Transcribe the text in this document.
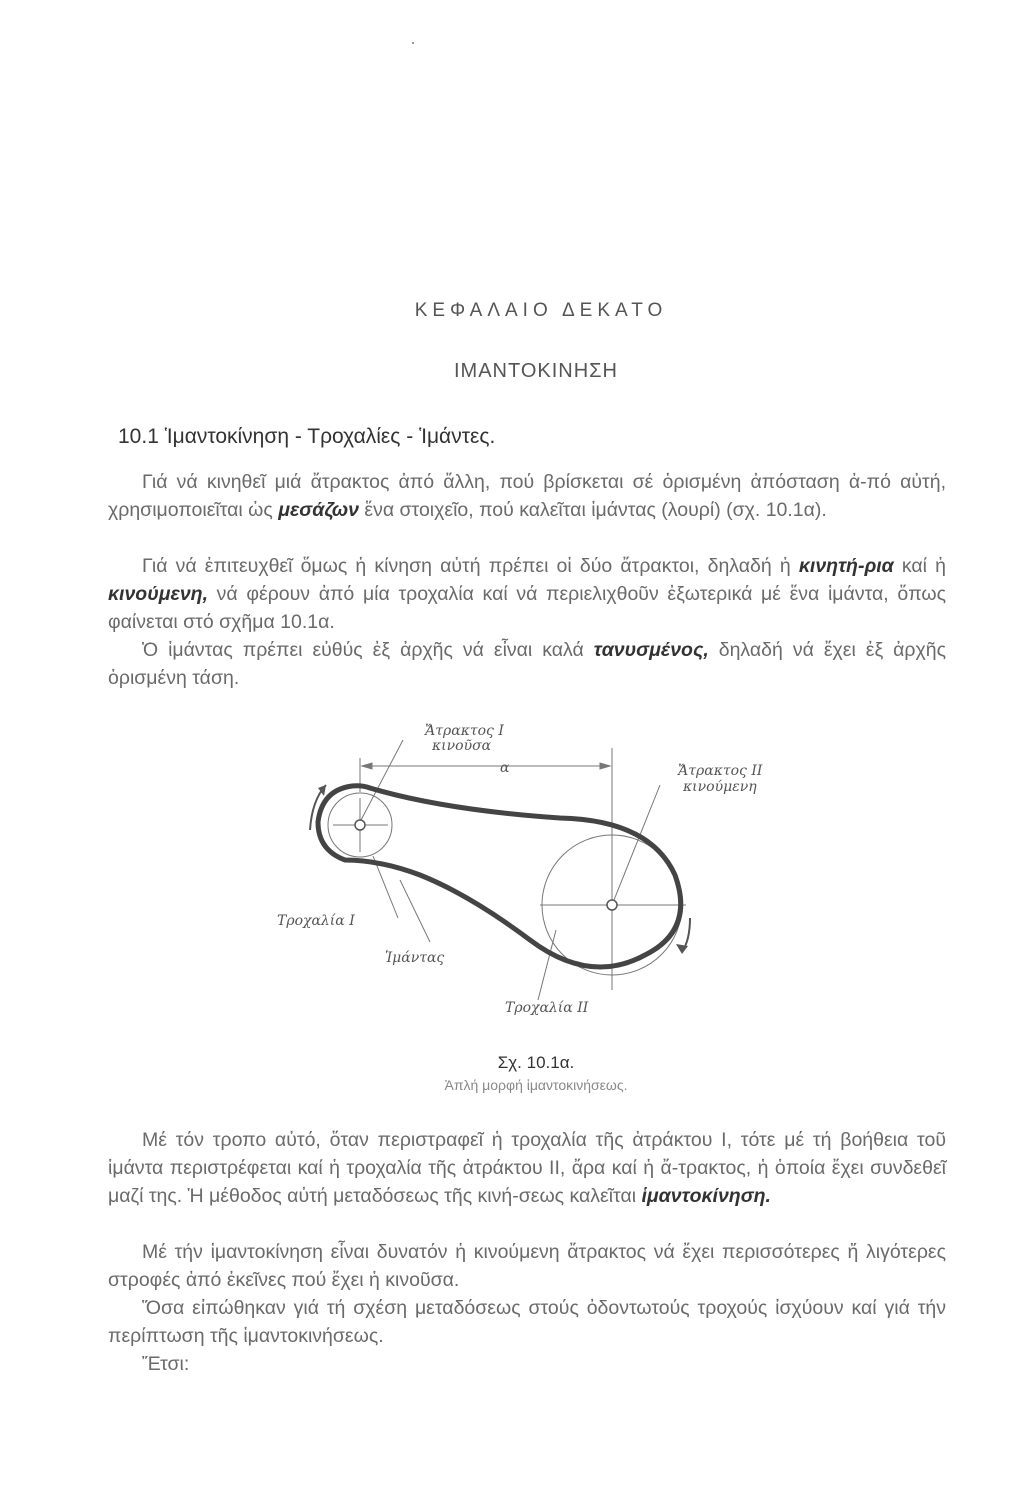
ΚΕΦΑΛΑΙΟ ΔΕΚΑΤΟ
ΙΜΑΝΤΟΚΙΝΗΣΗ
10.1 Ἱμαντοκίνηση - Τροχαλίες - Ἱμάντες.

Γιά νά κινηθεῖ μιά ἄτρακτος ἀπό ἄλλη, πού βρίσκεται σέ ὁρισμένη ἀπόσταση ἀ-πό αὐτή, χρησιμοποιεῖται ὡς μεσάζων ἕνα στοιχεῖο, πού καλεῖται ἱμάντας (λουρί) (σχ. 10.1α).

Γιά νά ἐπιτευχθεῖ ὅμως ἡ κίνηση αὐτή πρέπει οἱ δύο ἄτρακτοι, δηλαδή ἡ κινητή-ρια καί ἡ κινούμενη, νά φέρουν ἀπό μία τροχαλία καί νά περιελιχθοῦν ἐξωτερικά μέ ἕνα ἱμάντα, ὅπως φαίνεται στό σχῆμα 10.1α.

Ὁ ἱμάντας πρέπει εὐθύς ἐξ ἀρχῆς νά εἶναι καλά τανυσμένος, δηλαδή νά ἔχει ἐξ ἀρχῆς ὁρισμένη τάση.

Ἄτρακτος I
κινοῦσα
α	Ἄτρακτος II
κινούμενη
Τροχαλία I
Ἱμάντας
Τροχαλία II
Σχ. 10.1α.
Ἁπλή μορφή ἱμαντοκινήσεως.

Μέ τόν τροπο αὐτό, ὅταν περιστραφεῖ ἡ τροχαλία τῆς ἀτράκτου I, τότε μέ τή βοήθεια τοῦ ἱμάντα περιστρέφεται καί ἡ τροχαλία τῆς ἀτράκτου II, ἄρα καί ἡ ἄ-τρακτος, ἡ ὁποία ἔχει συνδεθεῖ μαζί της. Ἡ μέθοδος αὐτή μεταδόσεως τῆς κινή-σεως καλεῖται ἱμαντοκίνηση.

Μέ τήν ἱμαντοκίνηση εἶναι δυνατόν ἡ κινούμενη ἄτρακτος νά ἔχει περισσότερες ἤ λιγότερες στροφές ἀπό ἐκεῖνες πού ἔχει ἡ κινοῦσα.

Ὅσα εἰπώθηκαν γιά τή σχέση μεταδόσεως στούς ὀδοντωτούς τροχούς ἰσχύουν καί γιά τήν περίπτωση τῆς ἱμαντοκινήσεως.

Ἔτσι:
